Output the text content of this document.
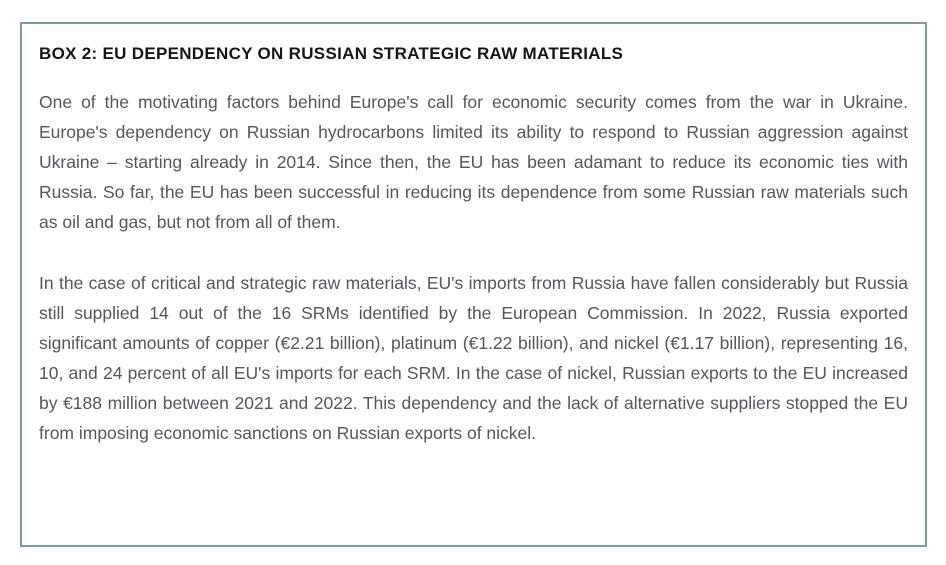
BOX 2: EU DEPENDENCY ON RUSSIAN STRATEGIC RAW MATERIALS

One of the motivating factors behind Europe's call for economic security comes from the war in Ukraine. Europe's dependency on Russian hydrocarbons limited its ability to respond to Russian aggression against Ukraine – starting already in 2014. Since then, the EU has been adamant to reduce its economic ties with Russia. So far, the EU has been successful in reducing its dependence from some Russian raw materials such as oil and gas, but not from all of them.

In the case of critical and strategic raw materials, EU's imports from Russia have fallen considerably but Russia still supplied 14 out of the 16 SRMs identified by the European Commission. In 2022, Russia exported significant amounts of copper (€2.21 billion), platinum (€1.22 billion), and nickel (€1.17 billion), representing 16, 10, and 24 percent of all EU's imports for each SRM. In the case of nickel, Russian exports to the EU increased by €188 million between 2021 and 2022. This dependency and the lack of alternative suppliers stopped the EU from imposing economic sanctions on Russian exports of nickel.
